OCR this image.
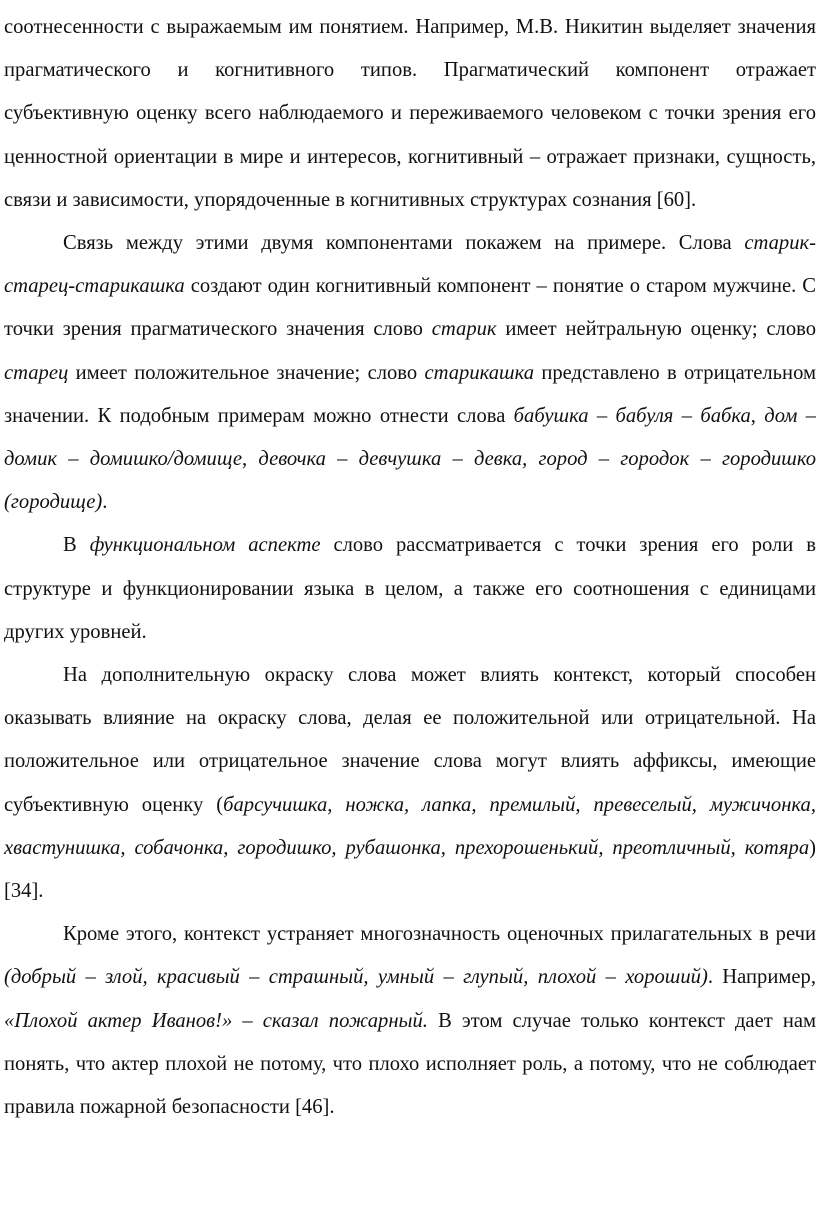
соотнесенности с выражаемым им понятием. Например, М.В. Никитин выделяет значения прагматического и когнитивного типов. Прагматический компонент отражает субъективную оценку всего наблюдаемого и переживаемого человеком с точки зрения его ценностной ориентации в мире и интересов, когнитивный – отражает признаки, сущность, связи и зависимости, упорядоченные в когнитивных структурах сознания [60].

Связь между этими двумя компонентами покажем на примере. Слова старик-старец-старикашка создают один когнитивный компонент – понятие о старом мужчине. С точки зрения прагматического значения слово старик имеет нейтральную оценку; слово старец имеет положительное значение; слово старикашка представлено в отрицательном значении. К подобным примерам можно отнести слова бабушка – бабуля – бабка, дом – домик – домишко/домище, девочка – девчушка – девка, город – городок – городишко (городище).

В функциональном аспекте слово рассматривается с точки зрения его роли в структуре и функционировании языка в целом, а также его соотношения с единицами других уровней.

На дополнительную окраску слова может влиять контекст, который способен оказывать влияние на окраску слова, делая ее положительной или отрицательной. На положительное или отрицательное значение слова могут влиять аффиксы, имеющие субъективную оценку (барсучишка, ножка, лапка, премилый, превеселый, мужичонка, хвастунишка, собачонка, городишко, рубашонка, прехорошенький, преотличный, котяра) [34].

Кроме этого, контекст устраняет многозначность оценочных прилагательных в речи (добрый – злой, красивый – страшный, умный – глупый, плохой – хороший). Например, «Плохой актер Иванов!» – сказал пожарный. В этом случае только контекст дает нам понять, что актер плохой не потому, что плохо исполняет роль, а потому, что не соблюдает правила пожарной безопасности [46].
